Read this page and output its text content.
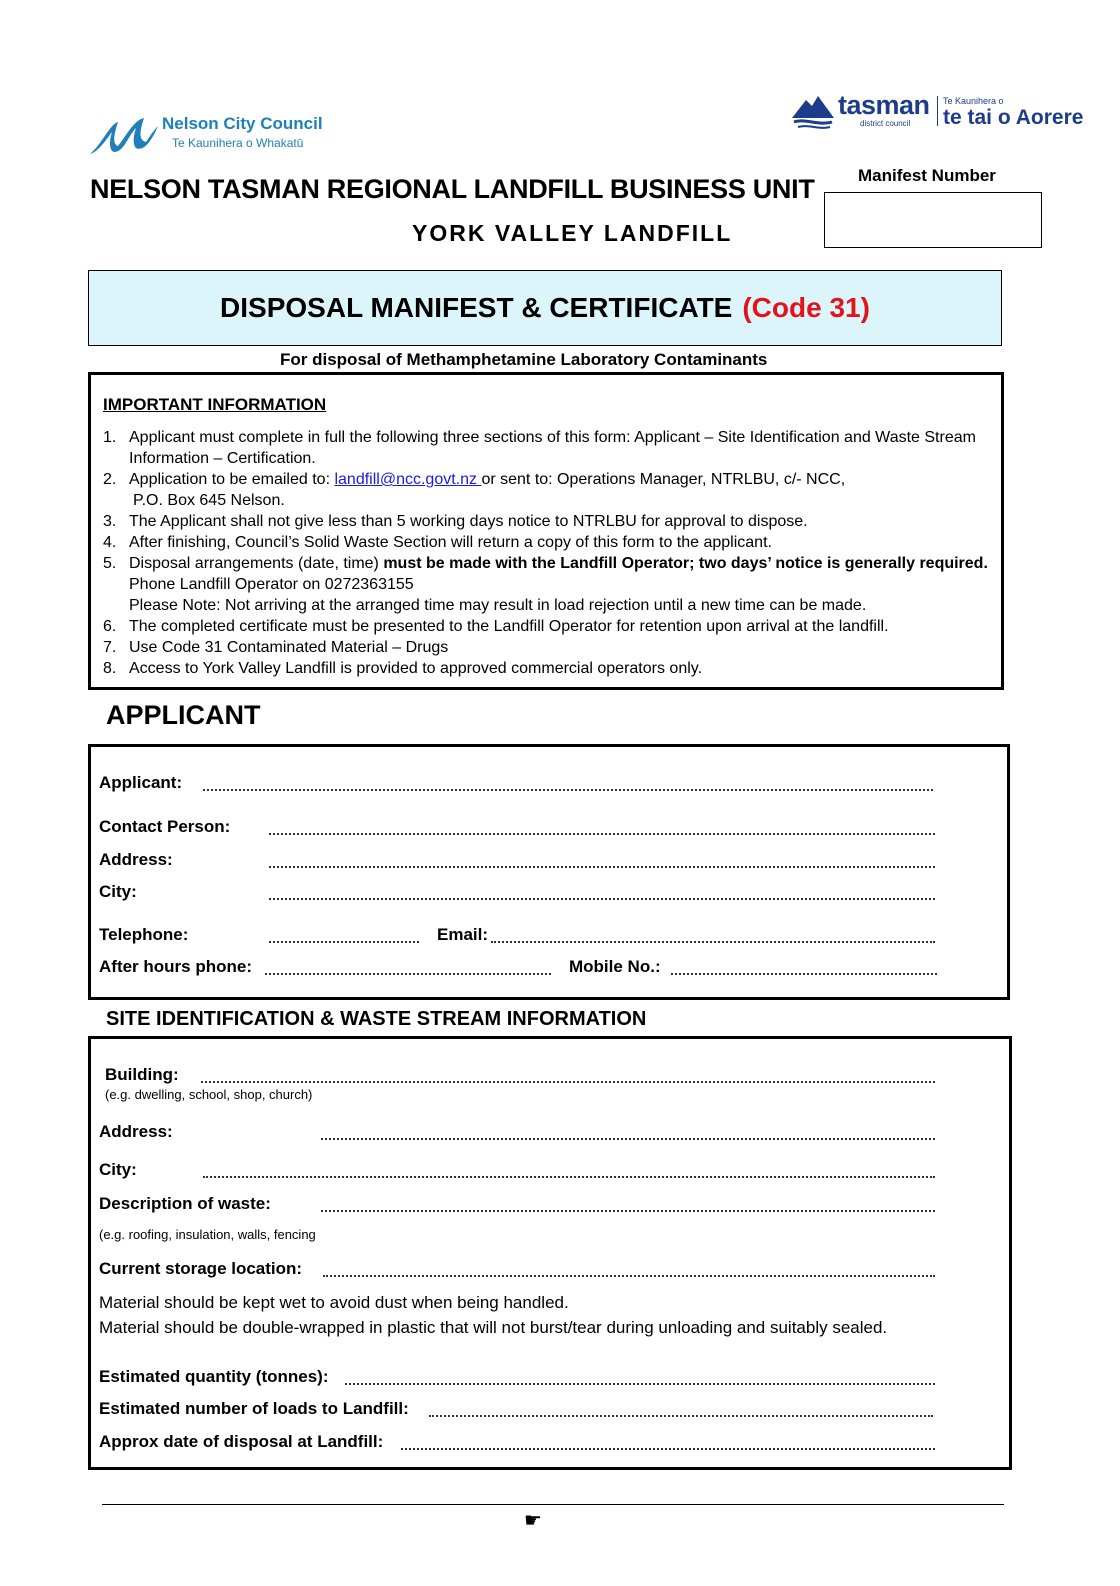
Nelson City Council
Te Kaunihera o Whakatū
tasman
district council
Te Kaunihera o
te tai o Aorere
NELSON TASMAN REGIONAL LANDFILL BUSINESS UNIT
YORK VALLEY LANDFILL
Manifest Number
DISPOSAL MANIFEST & CERTIFICATE (Code 31)
For disposal of Methamphetamine Laboratory Contaminants
IMPORTANT INFORMATION
1. Applicant must complete in full the following three sections of this form: Applicant – Site Identification and Waste Stream Information – Certification.
2. Application to be emailed to: landfill@ncc.govt.nz or sent to: Operations Manager, NTRLBU, c/- NCC,
P.O. Box 645 Nelson.
3. The Applicant shall not give less than 5 working days notice to NTRLBU for approval to dispose.
4. After finishing, Council’s Solid Waste Section will return a copy of this form to the applicant.
5. Disposal arrangements (date, time) must be made with the Landfill Operator; two days’ notice is generally required. Phone Landfill Operator on 0272363155
Please Note: Not arriving at the arranged time may result in load rejection until a new time can be made.
6. The completed certificate must be presented to the Landfill Operator for retention upon arrival at the landfill.
7. Use Code 31 Contaminated Material – Drugs
8. Access to York Valley Landfill is provided to approved commercial operators only.
APPLICANT
Applicant:
Contact Person:
Address:
City:
Telephone:	Email:
After hours phone:	Mobile No.:
SITE IDENTIFICATION & WASTE STREAM INFORMATION
Building:
(e.g. dwelling, school, shop, church)
Address:
City:
Description of waste:
(e.g. roofing, insulation, walls, fencing
Current storage location:
Material should be kept wet to avoid dust when being handled.
Material should be double-wrapped in plastic that will not burst/tear during unloading and suitably sealed.
Estimated quantity (tonnes):
Estimated number of loads to Landfill:
Approx date of disposal at Landfill:
☛
